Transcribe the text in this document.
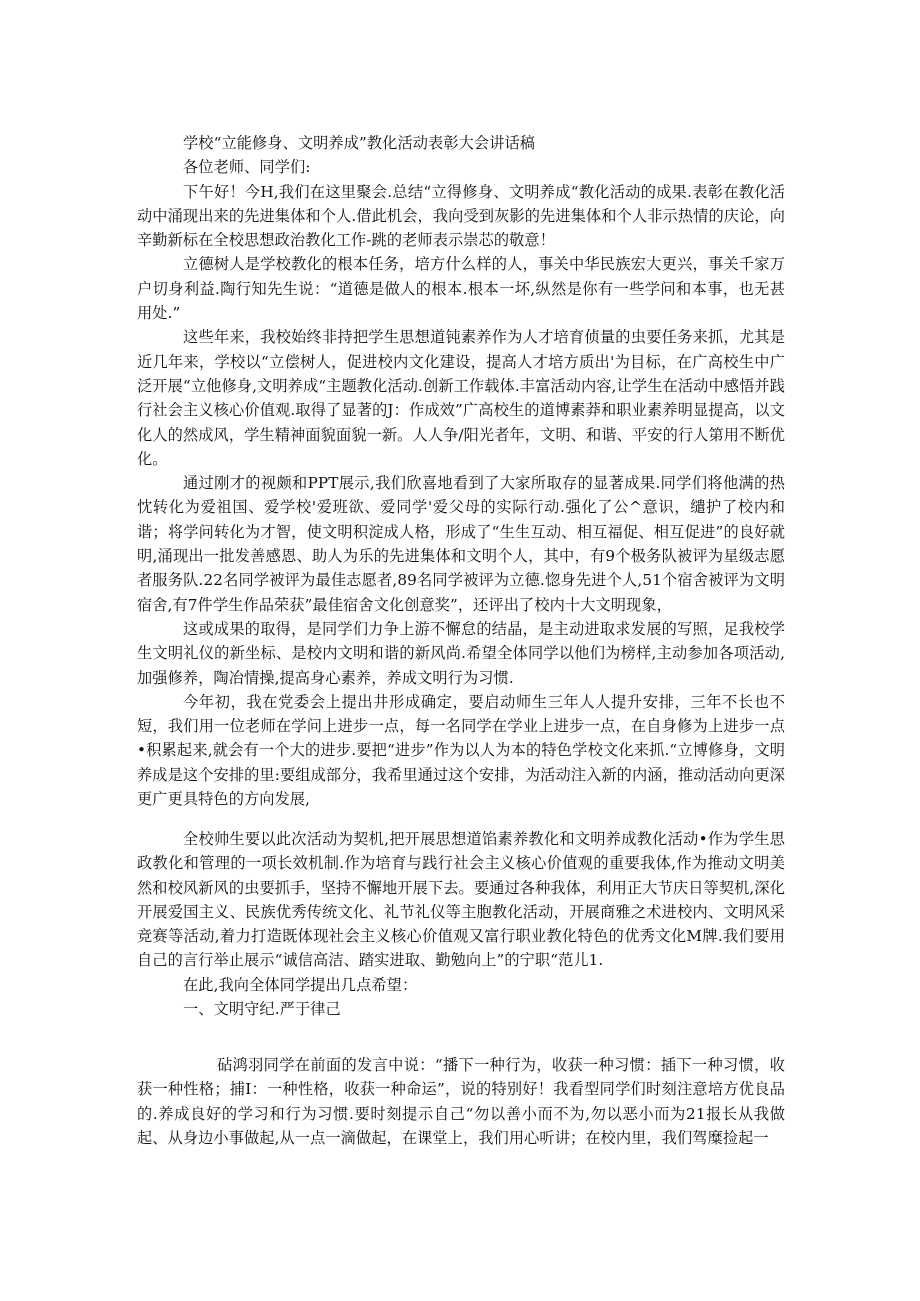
学校“立能修身、文明养成”教化活动表彰大会讲话稿

各位老师、同学们:

下午好！今H,我们在这里聚会.总结“立得修身、文明养成“教化活动的成果.表彰在教化活动中涌现出来的先进集体和个人.借此机会，我向受到灰影的先进集体和个人非示热情的庆论，向辛勤新标在全校思想政治教化工作-跳的老师表示崇芯的敬意！

立德树人是学校教化的根本任务，培方什么样的人，事关中华民族宏大更兴，事关千家万户切身利益.陶行知先生说：“道德是做人的根本.根本一坏,纵然是你有一些学问和本事，也无甚用处.”

这些年来，我校始终非持把学生思想道钝素养作为人才培育侦量的虫要任务来抓，尤其是近几年来，学校以“立偿树人，促进校内文化建设，提高人才培方质出'为目标，在广高校生中广泛开展“立他修身,文明养成“主题教化活动.创新工作载体.丰富活动内容,让学生在活动中感悟并践行社会主义核心价值观.取得了显著的J：作成效”广高校生的道博素莽和职业素养明显提高，以文化人的然成风，学生精神面貌面貌一新。人人争/阳光者年，文明、和谐、平安的行人第用不断优化。

通过刚才的视颇和PPT展示,我们欣喜地看到了大家所取存的显著成果.同学们将他满的热忱转化为爱祖国、爱学校'爱班欲、爱同学'爱父母的实际行动.强化了公^意识，缱护了校内和谐；将学问转化为才智，使文明积淀成人格，形成了“生生互动、相互福促、相互促进”的良好就明,涌现出一批发善感恩、助人为乐的先进集体和文明个人，其中，有9个极务队被评为星级志愿者服务队.22名同学被评为最佳志愿者,89名同学被评为立德.惚身先进个人,51个宿舍被评为文明宿舍,有7件学生作品荣获”最佳宿舍文化创意奖”，还评出了校内十大文明现象，

这或成果的取得，是同学们力争上游不懈怠的结晶，是主动进取求发展的写照，足我校学生文明礼仪的新坐标、是校内文明和谐的新风尚.希望全体同学以他们为榜样,主动参加各项活动,加强修养，陶冶情操,提高身心素养，养成文明行为习惯.

今年初，我在党委会上提出井形成确定，要启动师生三年人人提升安排，三年不长也不短，我们用一位老师在学问上进步一点，每一名同学在学业上进步一点，在自身修为上进步一点•积累起来,就会有一个大的进步.要把“进步”作为以人为本的特色学校文化来抓.“立博修身，文明养成是这个安排的里:要组成部分，我希里通过这个安排，为活动注入新的内涵，推动活动向更深更广更具特色的方向发展,

全校帅生要以此次活动为契机,把开展思想道馅素养教化和文明养成教化活动•作为学生思政教化和管理的一项长效机制.作为培育与践行社会主义核心价值观的重要我体,作为推动文明美然和校风新风的虫要抓手，坚持不懈地开展下去。要通过各种我体，利用正大节庆日等契机,深化开展爱国主义、民族优秀传统文化、礼节礼仪等主胞教化活动，开展商雅之术进校内、文明风采竞赛等活动,着力打造既体现社会主义核心价值观又富行职业教化特色的优秀文化M牌.我们要用自己的言行举止展示“诚信高洁、踏实进取、勤勉向上”的宁职“范儿1.

在此,我向全体同学提出几点希望：

一、文明守纪.严于律己

砧鸿羽同学在前面的发言中说：“播下一种行为，收获一种习惯：插下一种习惯，收获一种性格；捕I：一种性格，收获一种命运”，说的特别好！我看型同学们时刻注意培方优良品的.养成良好的学习和行为习惯.要时刻提示自己“勿以善小而不为,勿以恶小而为21报长从我做起、从身边小事做起,从一点一滴做起，在课堂上，我们用心听讲；在校内里，我们驾糜捡起一
